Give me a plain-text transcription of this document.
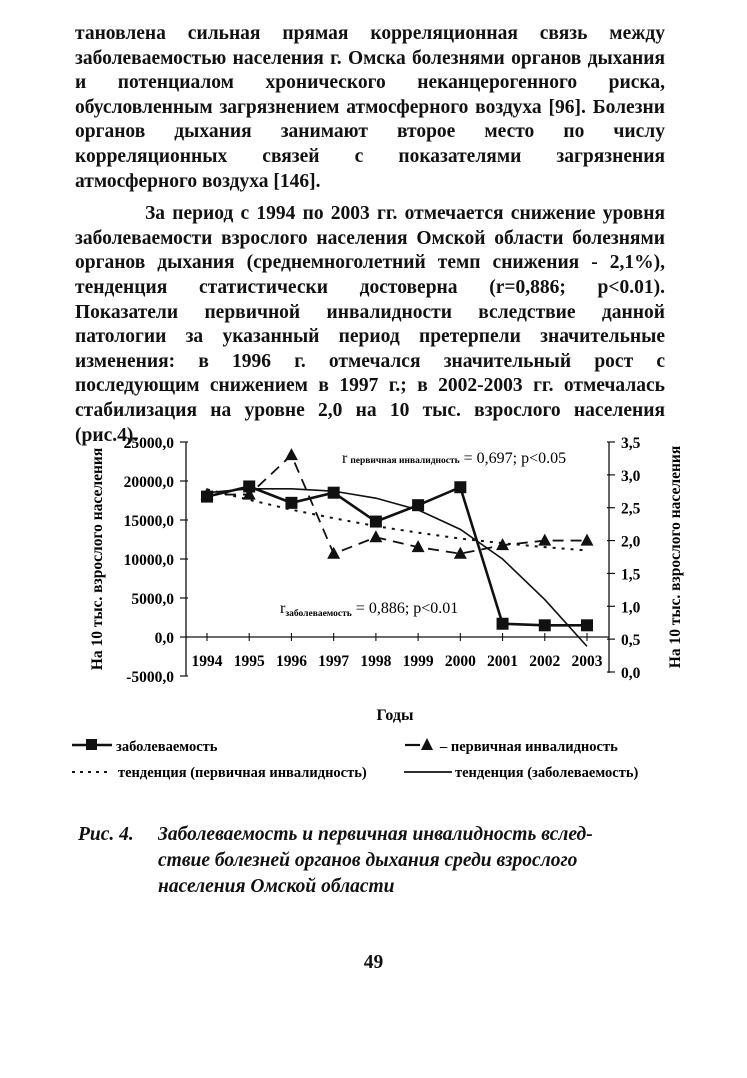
тановлена сильная прямая корреляционная связь между заболеваемостью населения г. Омска болезнями органов дыхания и потенциалом хронического неканцерогенного риска, обусловленным загрязнением атмосферного воздуха [96]. Болезни органов дыхания занимают второе место по числу корреляционных связей с показателями загрязнения атмосферного воздуха [146].

За период с 1994 по 2003 гг. отмечается снижение уровня заболеваемости взрослого населения Омской области болезнями органов дыхания (среднемноголетний темп снижения - 2,1%), тенденция статистически достоверна (r=0,886; p<0.01). Показатели первичной инвалидности вследствие данной патологии за указанный период претерпели значительные изменения: в 1996 г. отмечался значительный рост с последующим снижением в 1997 г.; в 2002-2003 гг. отмечалась стабилизация на уровне 2,0 на 10 тыс. взрослого населения (рис.4).

25000,0
20000,0
15000,0
10000,0
5000,0
0,0
-5000,0
3,5
3,0
2,5
2,0
1,5
1,0
0,5
0,0
1994 1995 1996 1997 1998 1999 2000 2001 2002 2003
На 10 тыс. взрослого населения	На 10 тыс. взрослого населения
Годы
rпервичная инвалидность = 0,697; p<0.05
rзаболеваемость = 0,886; p<0.01
заболеваемость	– первичная инвалидность
тенденция (первичная инвалидность)	тенденция (заболеваемость)
Рис. 4. Заболеваемость и первичная инвалидность вслед-
ствие болезней органов дыхания среди взрослого населения Омской области
49
